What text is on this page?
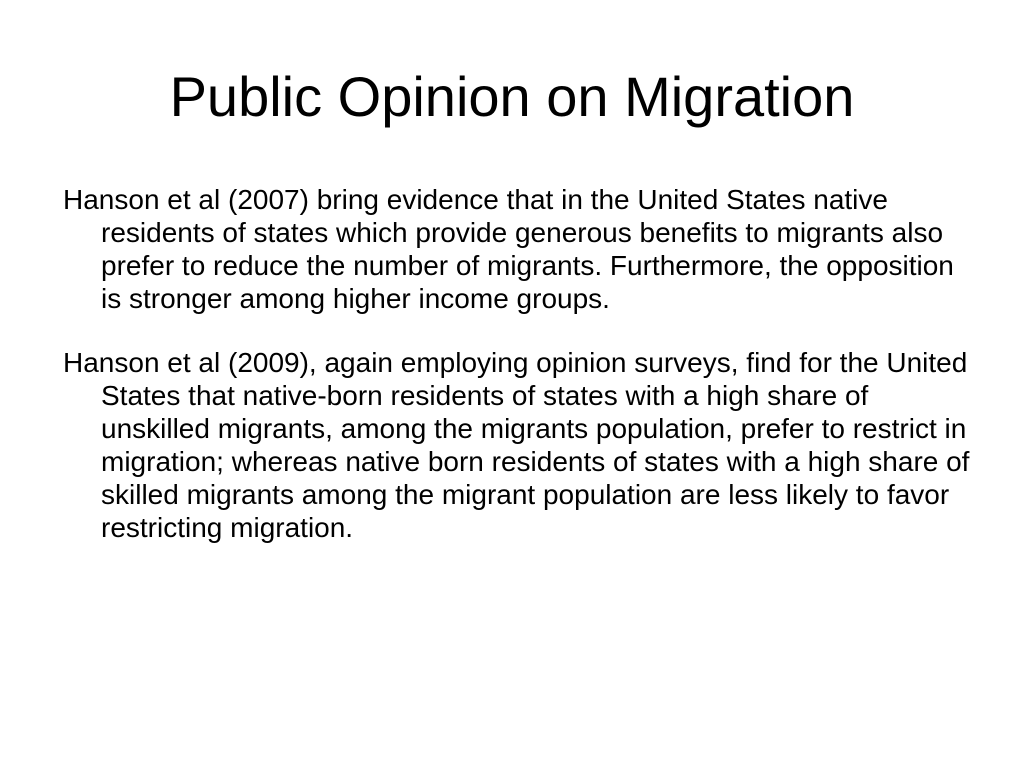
Public Opinion on Migration

Hanson et al (2007) bring evidence that in the United States native residents of states which provide generous benefits to migrants also prefer to reduce the number of migrants. Furthermore, the opposition is stronger among higher income groups.

Hanson et al (2009), again employing opinion surveys, find for the United States that native-born residents of states with a high share of unskilled migrants, among the migrants population, prefer to restrict in migration; whereas native born residents of states with a high share of skilled migrants among the migrant population are less likely to favor restricting migration.
